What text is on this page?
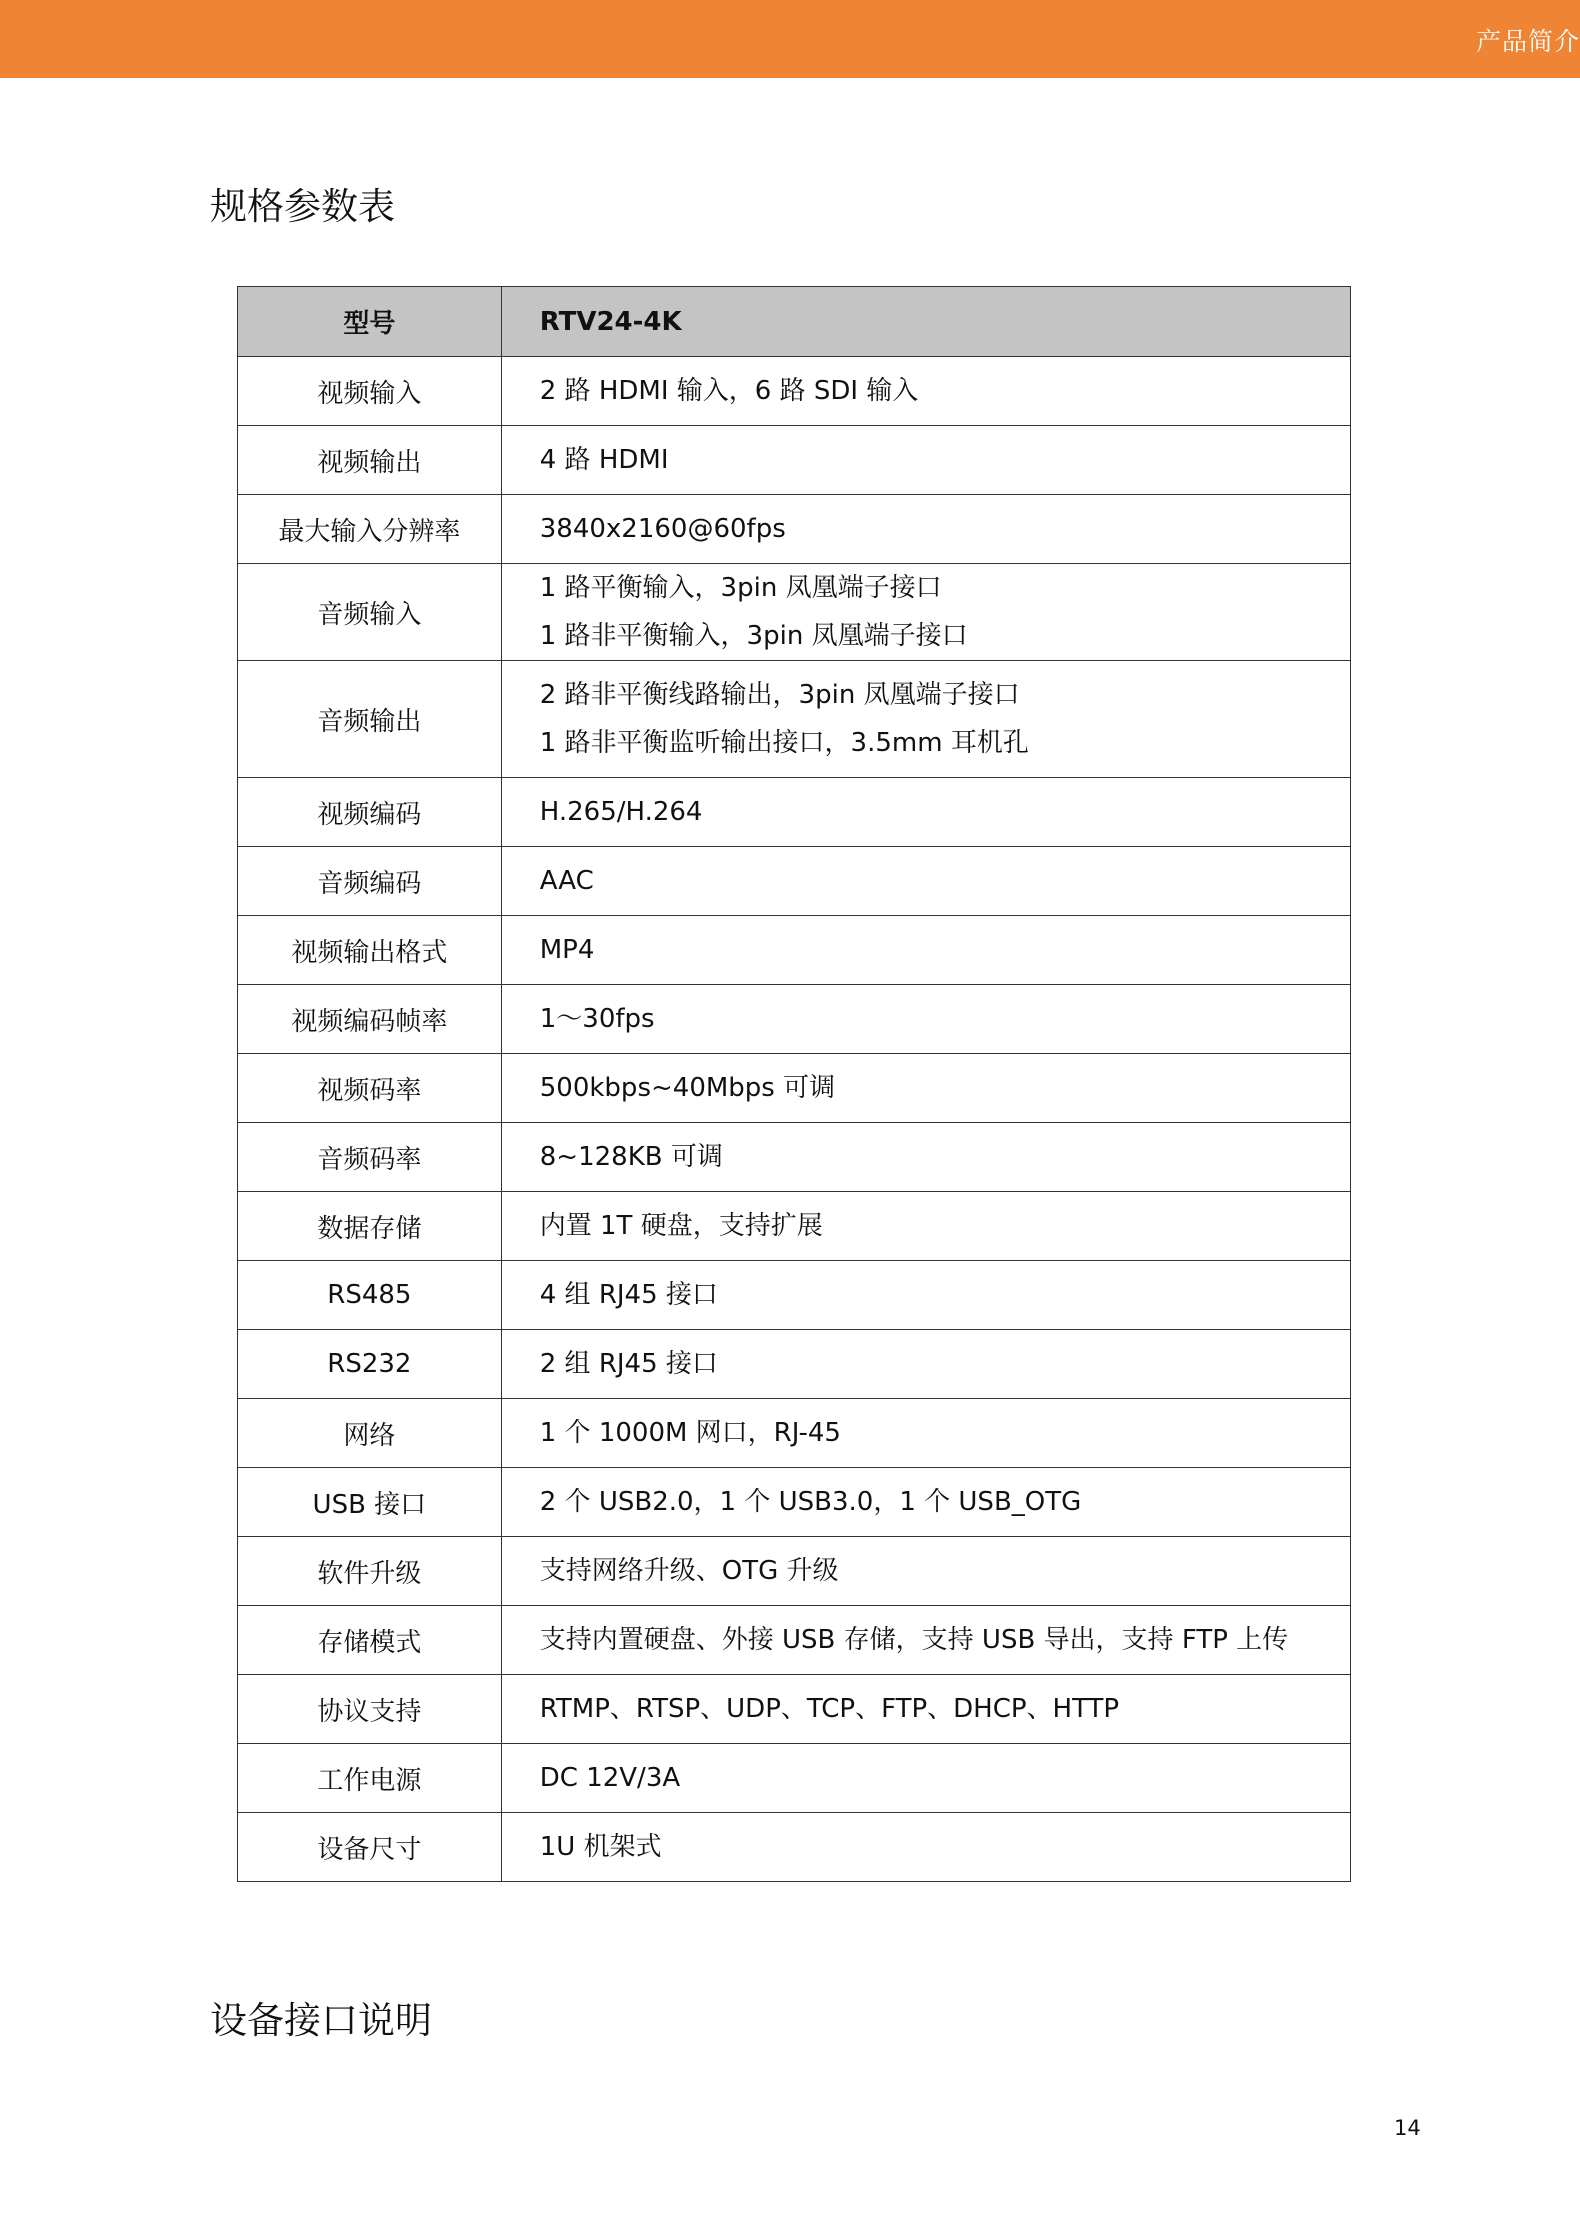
产品简介
规格参数表
型号	RTV24-4K
视频输入	2 路 HDMI 输入，6 路 SDI 输入

视频输出	4 路 HDMI

最大输入分辨率	3840x2160@60fps

音频输入	1 路平衡输入，3pin 凤凰端子接口
1 路非平衡输入，3pin 凤凰端子接口

音频输出	2 路非平衡线路输出，3pin 凤凰端子接口
1 路非平衡监听输出接口，3.5mm 耳机孔

视频编码	H.265/H.264

音频编码	AAC

视频输出格式	MP4

视频编码帧率	1～30fps

视频码率	500kbps~40Mbps 可调

音频码率	8~128KB 可调

数据存储	内置 1T 硬盘，支持扩展

RS485	4 组 RJ45 接口

RS232	2 组 RJ45 接口

网络	1 个 1000M 网口，RJ-45

USB 接口	2 个 USB2.0，1 个 USB3.0，1 个 USB_OTG

软件升级	支持网络升级、OTG 升级

存储模式	支持内置硬盘、外接 USB 存储，支持 USB 导出，支持 FTP 上传

协议支持	RTMP、RTSP、UDP、TCP、FTP、DHCP、HTTP

工作电源	DC 12V/3A

设备尺寸	1U 机架式
设备接口说明
14
